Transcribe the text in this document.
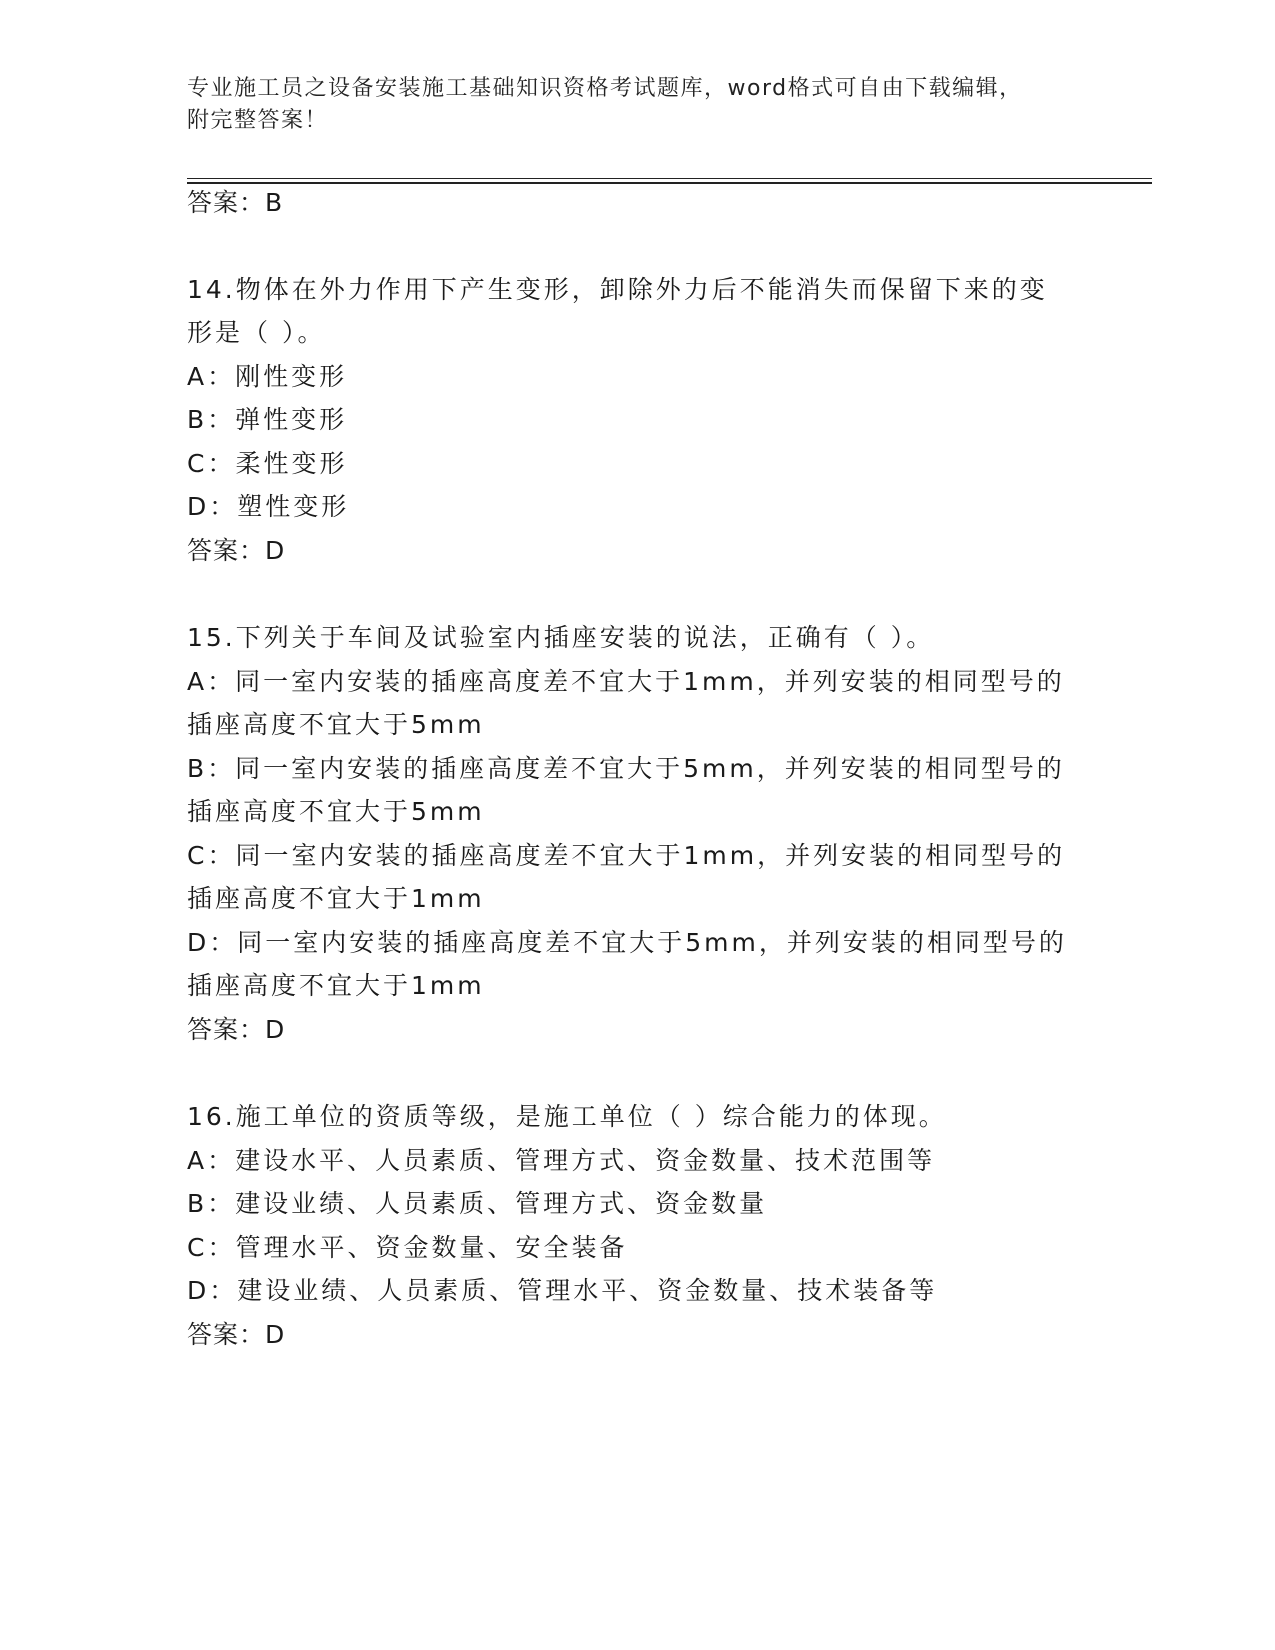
专业施工员之设备安装施工基础知识资格考试题库，word格式可自由下载编辑，
附完整答案！
答案：B
14.物体在外力作用下产生变形，卸除外力后不能消失而保留下来的变
形是（ ）。
A：刚性变形
B：弹性变形
C：柔性变形
D：塑性变形
答案：D
15.下列关于车间及试验室内插座安装的说法，正确有（ ）。
A：同一室内安装的插座高度差不宜大于1mm，并列安装的相同型号的
插座高度不宜大于5mm
B：同一室内安装的插座高度差不宜大于5mm，并列安装的相同型号的
插座高度不宜大于5mm
C：同一室内安装的插座高度差不宜大于1mm，并列安装的相同型号的
插座高度不宜大于1mm
D：同一室内安装的插座高度差不宜大于5mm，并列安装的相同型号的
插座高度不宜大于1mm
答案：D
16.施工单位的资质等级，是施工单位（ ）综合能力的体现。
A：建设水平、人员素质、管理方式、资金数量、技术范围等
B：建设业绩、人员素质、管理方式、资金数量
C：管理水平、资金数量、安全装备
D：建设业绩、人员素质、管理水平、资金数量、技术装备等
答案：D
